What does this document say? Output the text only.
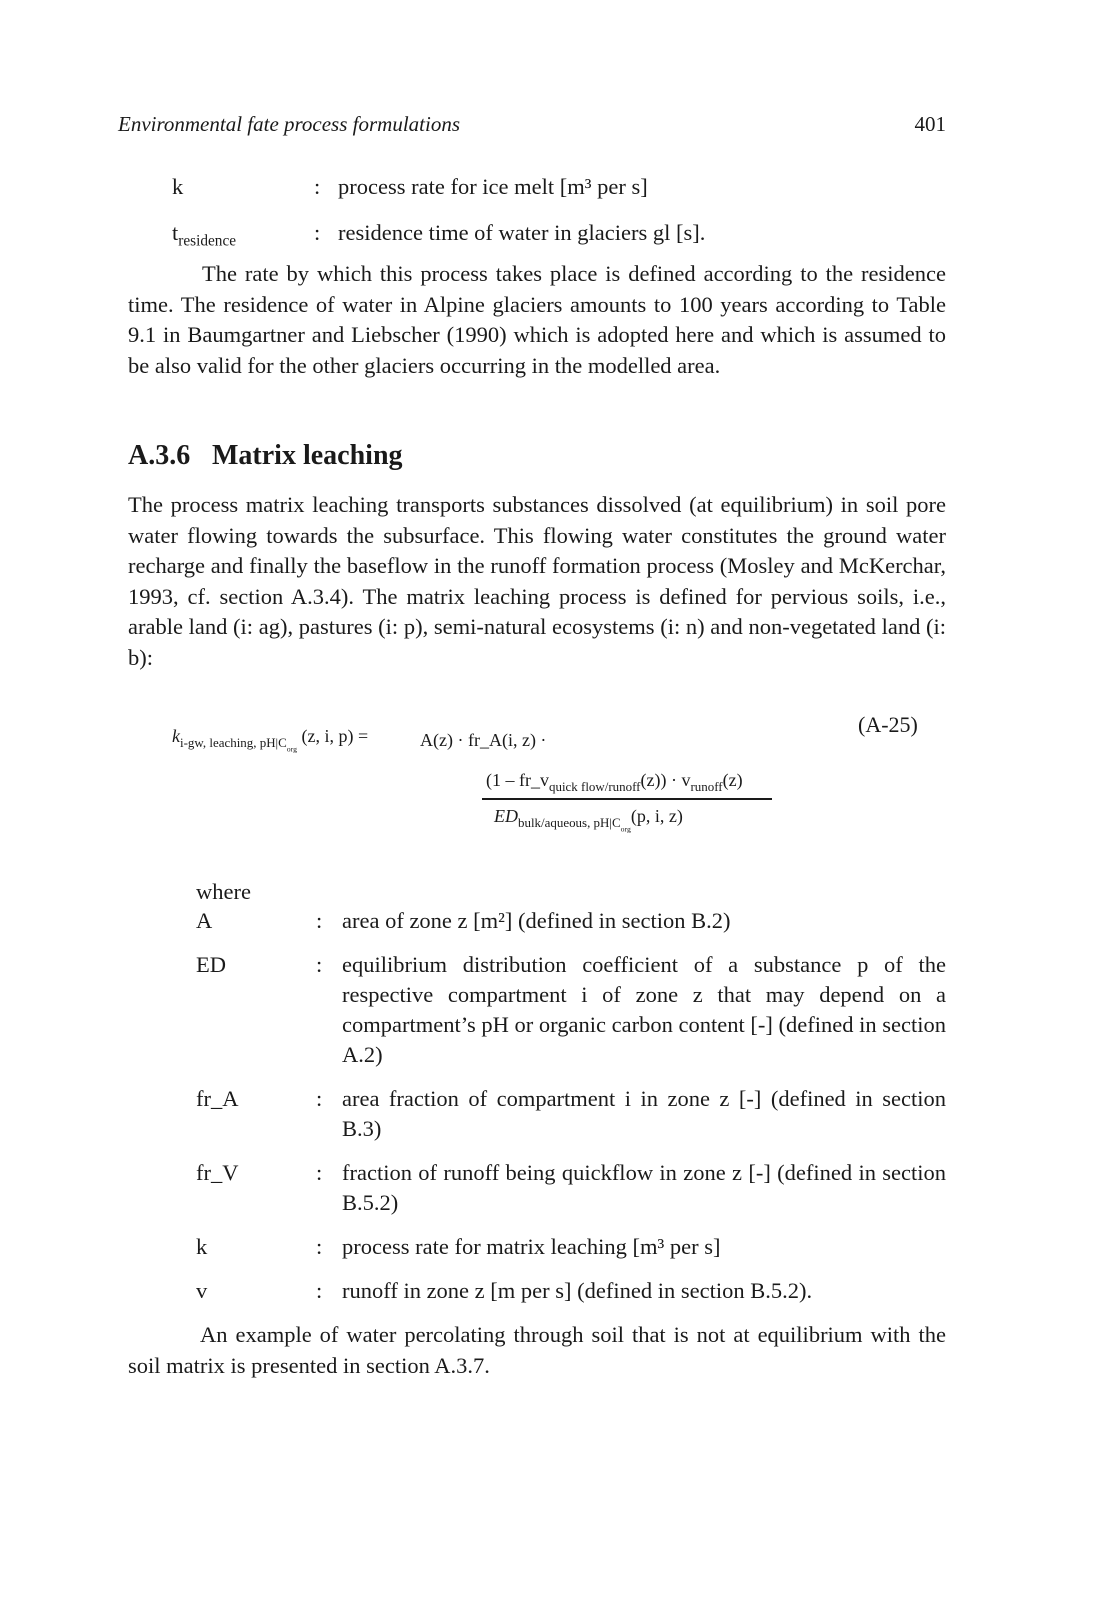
Environmental fate process formulations	401
k	: process rate for ice melt [m³ per s]
$t_{residence}$	: residence time of water in glaciers gl [s].
The rate by which this process takes place is defined according to the residence time. The residence of water in Alpine glaciers amounts to 100 years according to Table 9.1 in Baumgartner and Liebscher (1990) which is adopted here and which is assumed to be also valid for the other glaciers occurring in the modelled area.
A.3.6 Matrix leaching
The process matrix leaching transports substances dissolved (at equilibrium) in soil pore water flowing towards the subsurface. This flowing water constitutes the ground water recharge and finally the baseflow in the runoff formation process (Mosley and McKerchar, 1993, cf. section A.3.4). The matrix leaching process is defined for pervious soils, i.e., arable land (i: ag), pastures (i: p), semi-natural ecosystems (i: n) and non-vegetated land (i: b):
$k_{i-gw, leaching, pH|C_{org}}$ (z, i, p) =	A(z) · fr_A(i, z) ·
(A-25)
$(1 - fr\_v_{quick flow/runoff}(z)) \cdot v_{runoff}(z)$
$ED_{bulk/aqueous, pH|C_{org}}(p$, i, z)
where
A	: area of zone z [m²] (defined in section B.2)
ED	: equilibrium distribution coefficient of a substance p of the respective compartment i of zone z that may depend on a compartment’s pH or organic carbon content [-] (defined in section A.2)
fr_A	: area fraction of compartment i in zone z [-] (defined in section B.3)
fr_V	: fraction of runoff being quickflow in zone z [-] (defined in section B.5.2)
k	: process rate for matrix leaching [m³ per s]
v	: runoff in zone z [m per s] (defined in section B.5.2).
An example of water percolating through soil that is not at equilibrium with the soil matrix is presented in section A.3.7.
